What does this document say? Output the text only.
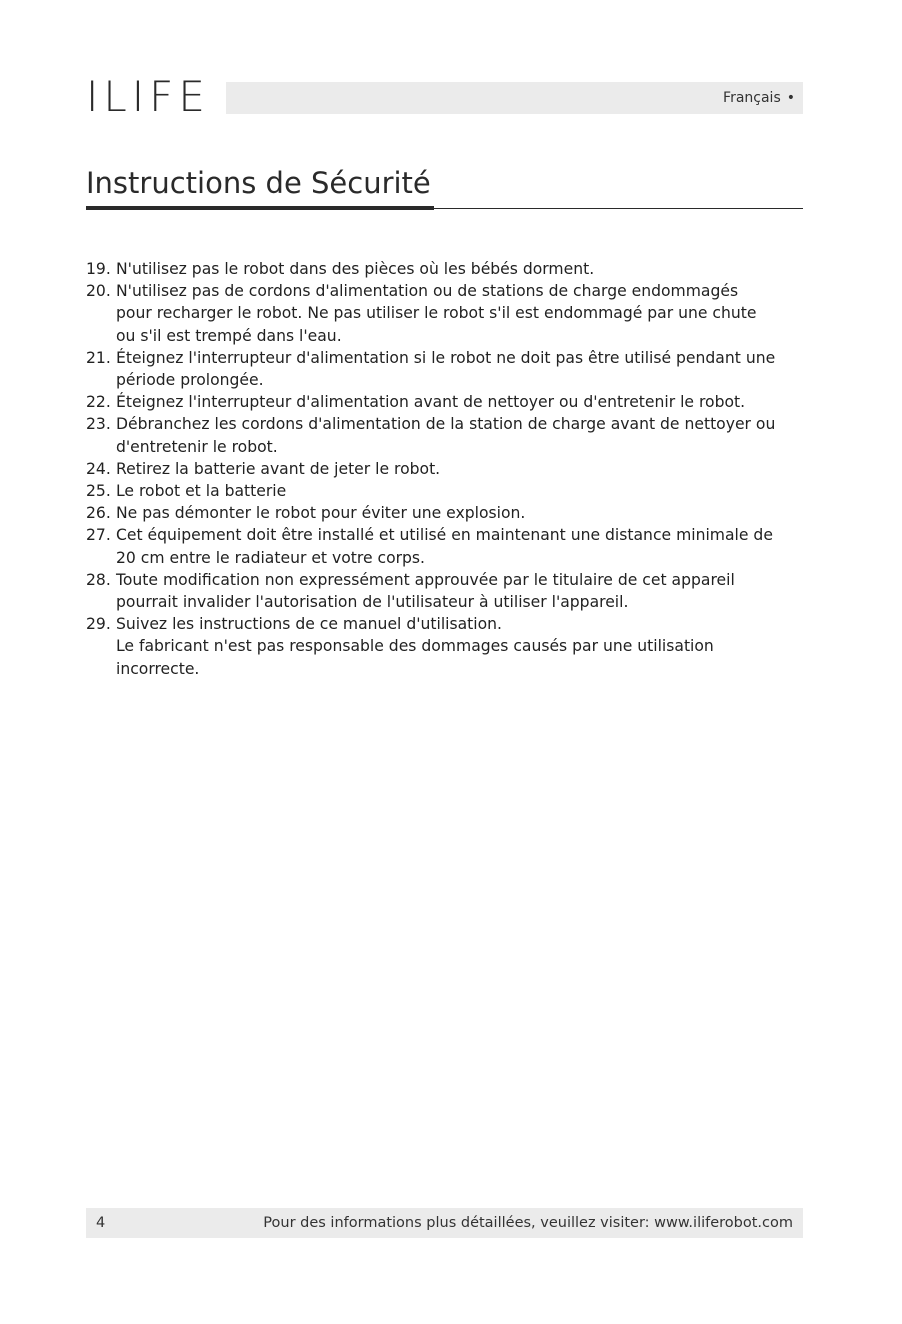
ILIFE	Français •
Instructions de Sécurité
19. N'utilisez pas le robot dans des pièces où les bébés dorment.
20. N'utilisez pas de cordons d'alimentation ou de stations de charge endommagés
pour recharger le robot. Ne pas utiliser le robot s'il est endommagé par une chute
ou s'il est trempé dans l'eau.
21. Éteignez l'interrupteur d'alimentation si le robot ne doit pas être utilisé pendant une
période prolongée.
22. Éteignez l'interrupteur d'alimentation avant de nettoyer ou d'entretenir le robot.
23. Débranchez les cordons d'alimentation de la station de charge avant de nettoyer ou
d'entretenir le robot.
24. Retirez la batterie avant de jeter le robot.
25. Le robot et la batterie
26. Ne pas démonter le robot pour éviter une explosion.
27. Cet équipement doit être installé et utilisé en maintenant une distance minimale de
20 cm entre le radiateur et votre corps.
28. Toute modification non expressément approuvée par le titulaire de cet appareil
pourrait invalider l'autorisation de l'utilisateur à utiliser l'appareil.
29. Suivez les instructions de ce manuel d'utilisation.
Le fabricant n'est pas responsable des dommages causés par une utilisation
incorrecte.
4	Pour des informations plus détaillées, veuillez visiter: www.iliferobot.com
